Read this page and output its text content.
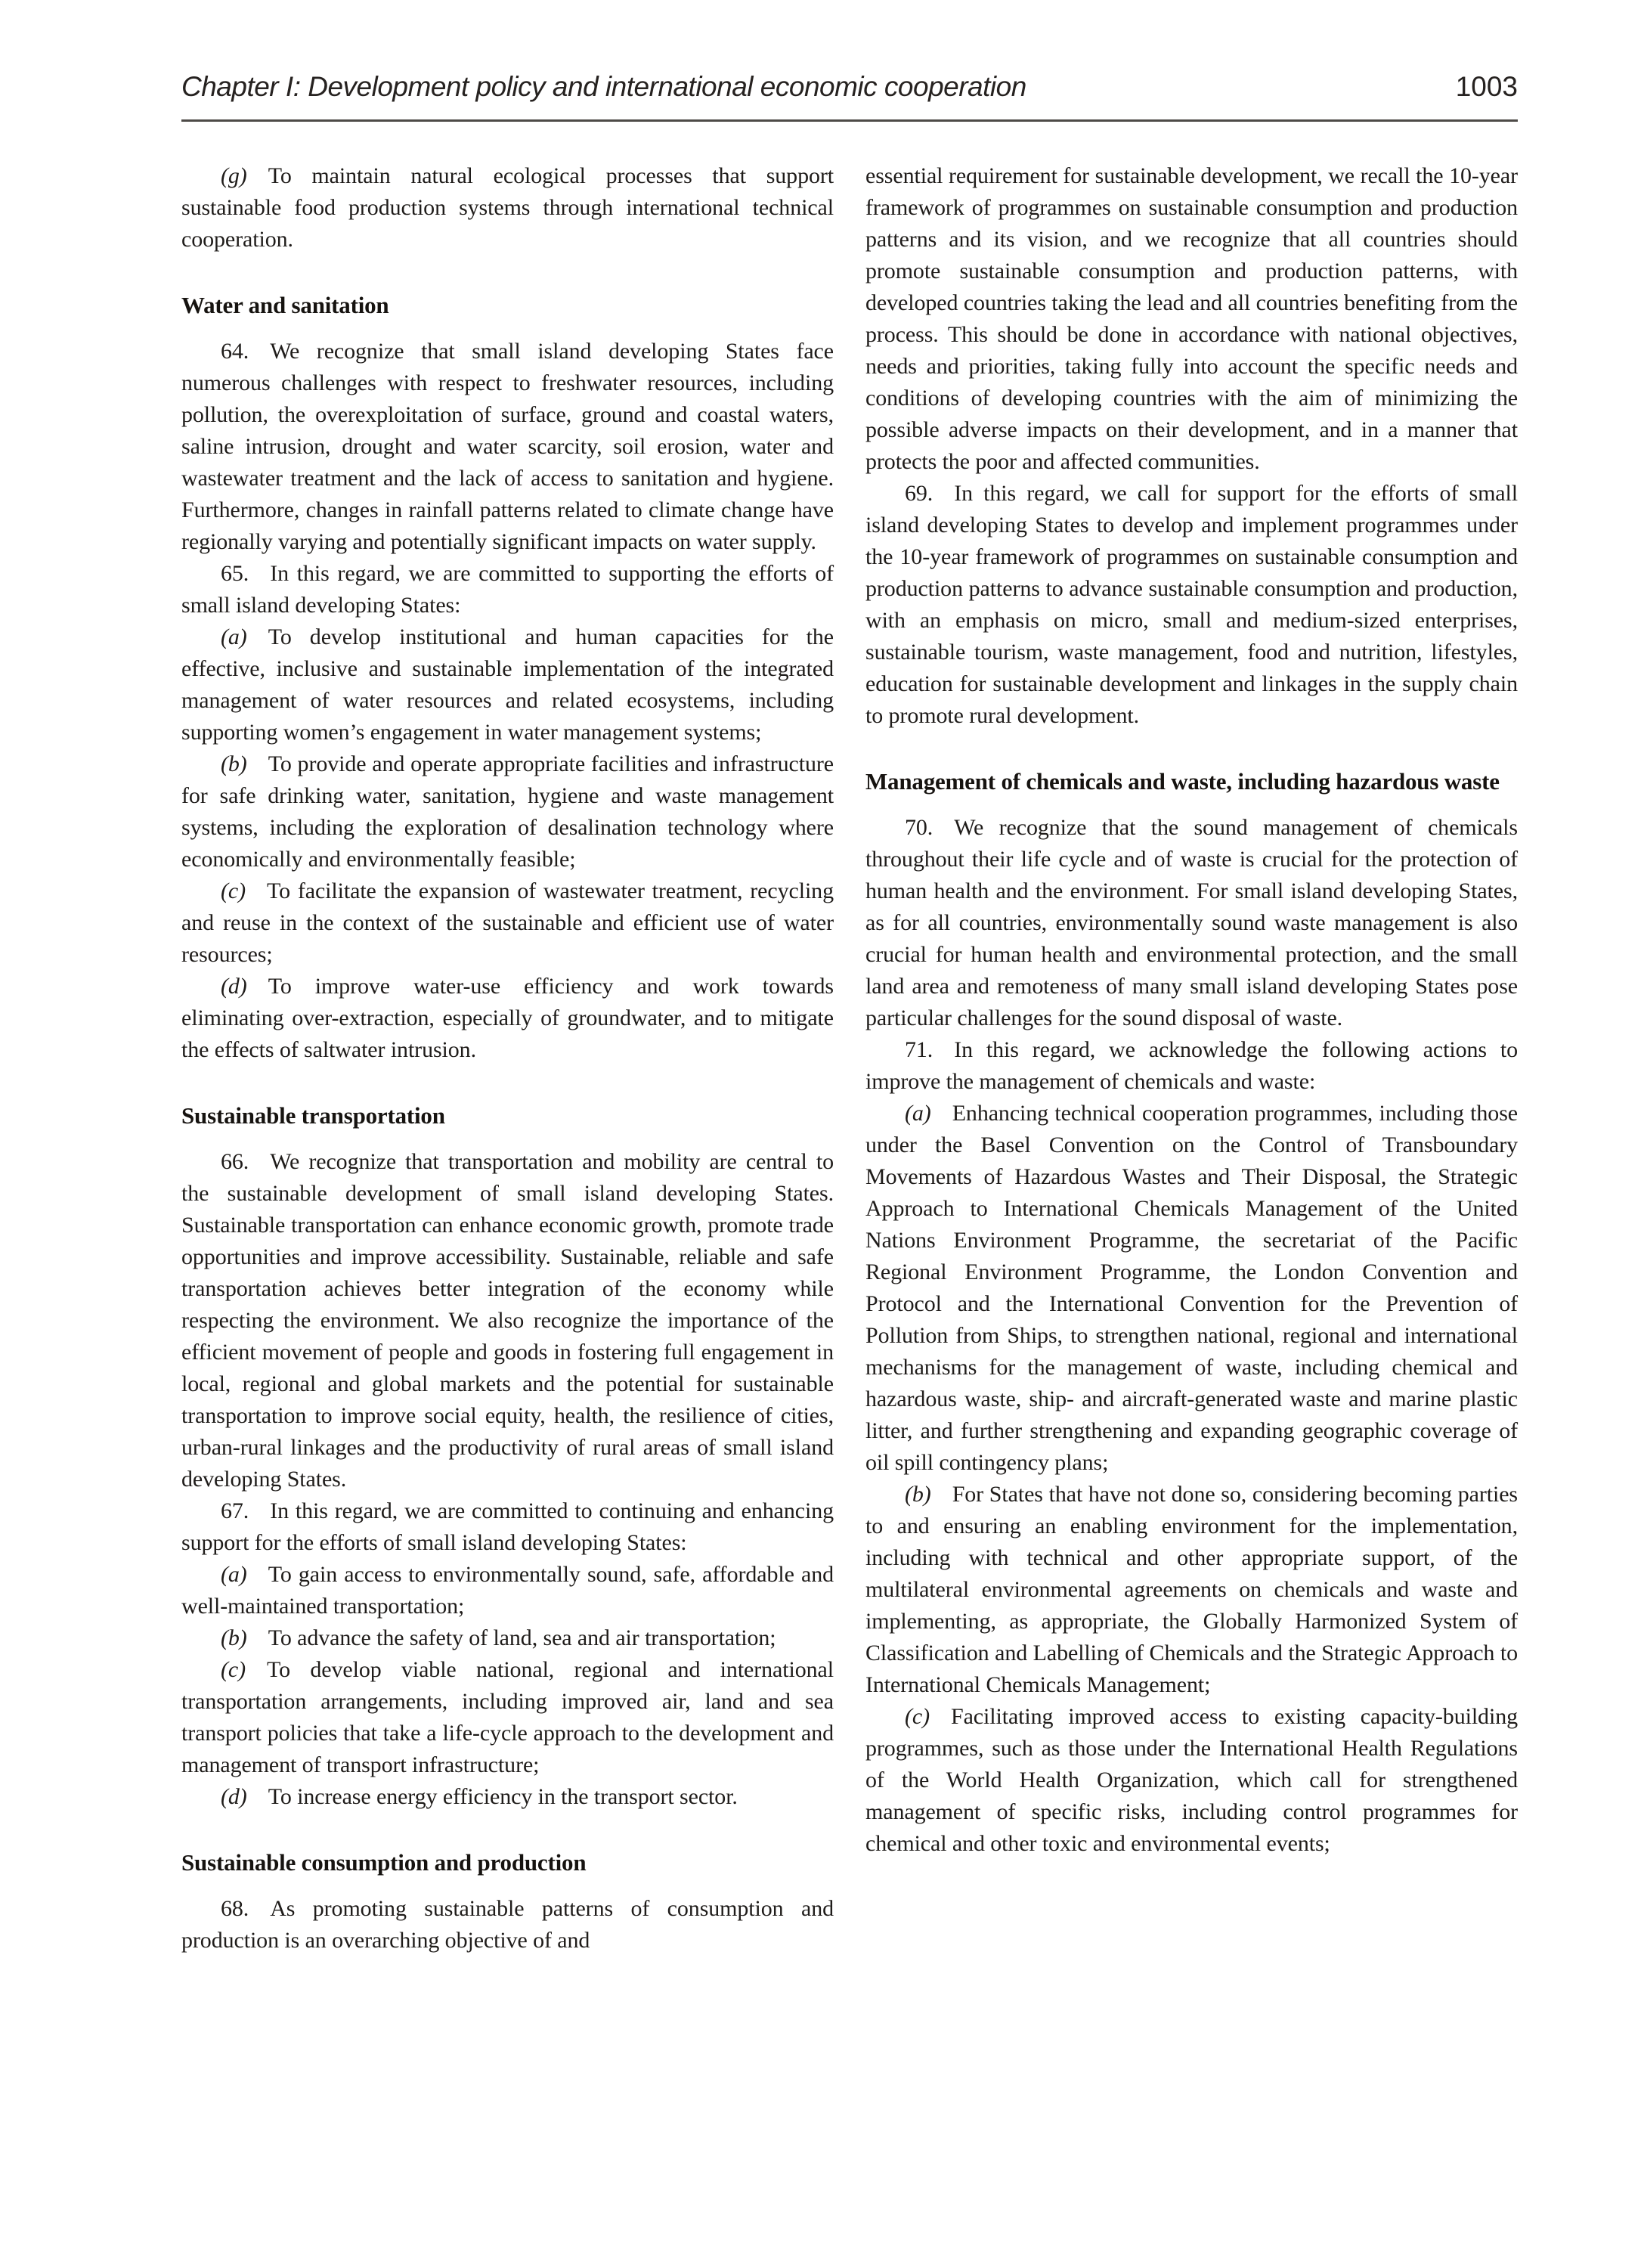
Chapter I: Development policy and international economic cooperation	1003

(g) To maintain natural ecological processes that support sustainable food production systems through international technical cooperation.

Water and sanitation

64. We recognize that small island developing States face numerous challenges with respect to freshwater resources, including pollution, the overexploitation of surface, ground and coastal waters, saline intrusion, drought and water scarcity, soil erosion, water and wastewater treatment and the lack of access to sanitation and hygiene. Furthermore, changes in rainfall patterns related to climate change have regionally varying and potentially significant impacts on water supply.

65. In this regard, we are committed to supporting the efforts of small island developing States:

(a) To develop institutional and human capacities for the effective, inclusive and sustainable implementation of the integrated management of water resources and related ecosystems, including supporting women’s engagement in water management systems;

(b) To provide and operate appropriate facilities and infrastructure for safe drinking water, sanitation, hygiene and waste management systems, including the exploration of desalination technology where economically and environmentally feasible;

(c) To facilitate the expansion of wastewater treatment, recycling and reuse in the context of the sustainable and efficient use of water resources;

(d) To improve water-use efficiency and work towards eliminating over-extraction, especially of groundwater, and to mitigate the effects of saltwater intrusion.

Sustainable transportation

66. We recognize that transportation and mobility are central to the sustainable development of small island developing States. Sustainable transportation can enhance economic growth, promote trade opportunities and improve accessibility. Sustainable, reliable and safe transportation achieves better integration of the economy while respecting the environment. We also recognize the importance of the efficient movement of people and goods in fostering full engagement in local, regional and global markets and the potential for sustainable transportation to improve social equity, health, the resilience of cities, urban-rural linkages and the productivity of rural areas of small island developing States.

67. In this regard, we are committed to continuing and enhancing support for the efforts of small island developing States:

(a) To gain access to environmentally sound, safe, affordable and well-maintained transportation;

(b) To advance the safety of land, sea and air transportation;

(c) To develop viable national, regional and international transportation arrangements, including improved air, land and sea transport policies that take a life-cycle approach to the development and management of transport infrastructure;

(d) To increase energy efficiency in the transport sector.

Sustainable consumption and production

68. As promoting sustainable patterns of consumption and production is an overarching objective of and

essential requirement for sustainable development, we recall the 10-year framework of programmes on sustainable consumption and production patterns and its vision, and we recognize that all countries should promote sustainable consumption and production patterns, with developed countries taking the lead and all countries benefiting from the process. This should be done in accordance with national objectives, needs and priorities, taking fully into account the specific needs and conditions of developing countries with the aim of minimizing the possible adverse impacts on their development, and in a manner that protects the poor and affected communities.

69. In this regard, we call for support for the efforts of small island developing States to develop and implement programmes under the 10-year framework of programmes on sustainable consumption and production patterns to advance sustainable consumption and production, with an emphasis on micro, small and medium-sized enterprises, sustainable tourism, waste management, food and nutrition, lifestyles, education for sustainable development and linkages in the supply chain to promote rural development.

Management of chemicals and waste, including hazardous waste

70. We recognize that the sound management of chemicals throughout their life cycle and of waste is crucial for the protection of human health and the environment. For small island developing States, as for all countries, environmentally sound waste management is also crucial for human health and environmental protection, and the small land area and remoteness of many small island developing States pose particular challenges for the sound disposal of waste.

71. In this regard, we acknowledge the following actions to improve the management of chemicals and waste:

(a) Enhancing technical cooperation programmes, including those under the Basel Convention on the Control of Transboundary Movements of Hazardous Wastes and Their Disposal, the Strategic Approach to International Chemicals Management of the United Nations Environment Programme, the secretariat of the Pacific Regional Environment Programme, the London Convention and Protocol and the International Convention for the Prevention of Pollution from Ships, to strengthen national, regional and international mechanisms for the management of waste, including chemical and hazardous waste, ship- and aircraft-generated waste and marine plastic litter, and further strengthening and expanding geographic coverage of oil spill contingency plans;

(b) For States that have not done so, considering becoming parties to and ensuring an enabling environment for the implementation, including with technical and other appropriate support, of the multilateral environmental agreements on chemicals and waste and implementing, as appropriate, the Globally Harmonized System of Classification and Labelling of Chemicals and the Strategic Approach to International Chemicals Management;

(c) Facilitating improved access to existing capacity-building programmes, such as those under the International Health Regulations of the World Health Organization, which call for strengthened management of specific risks, including control programmes for chemical and other toxic and environmental events;
